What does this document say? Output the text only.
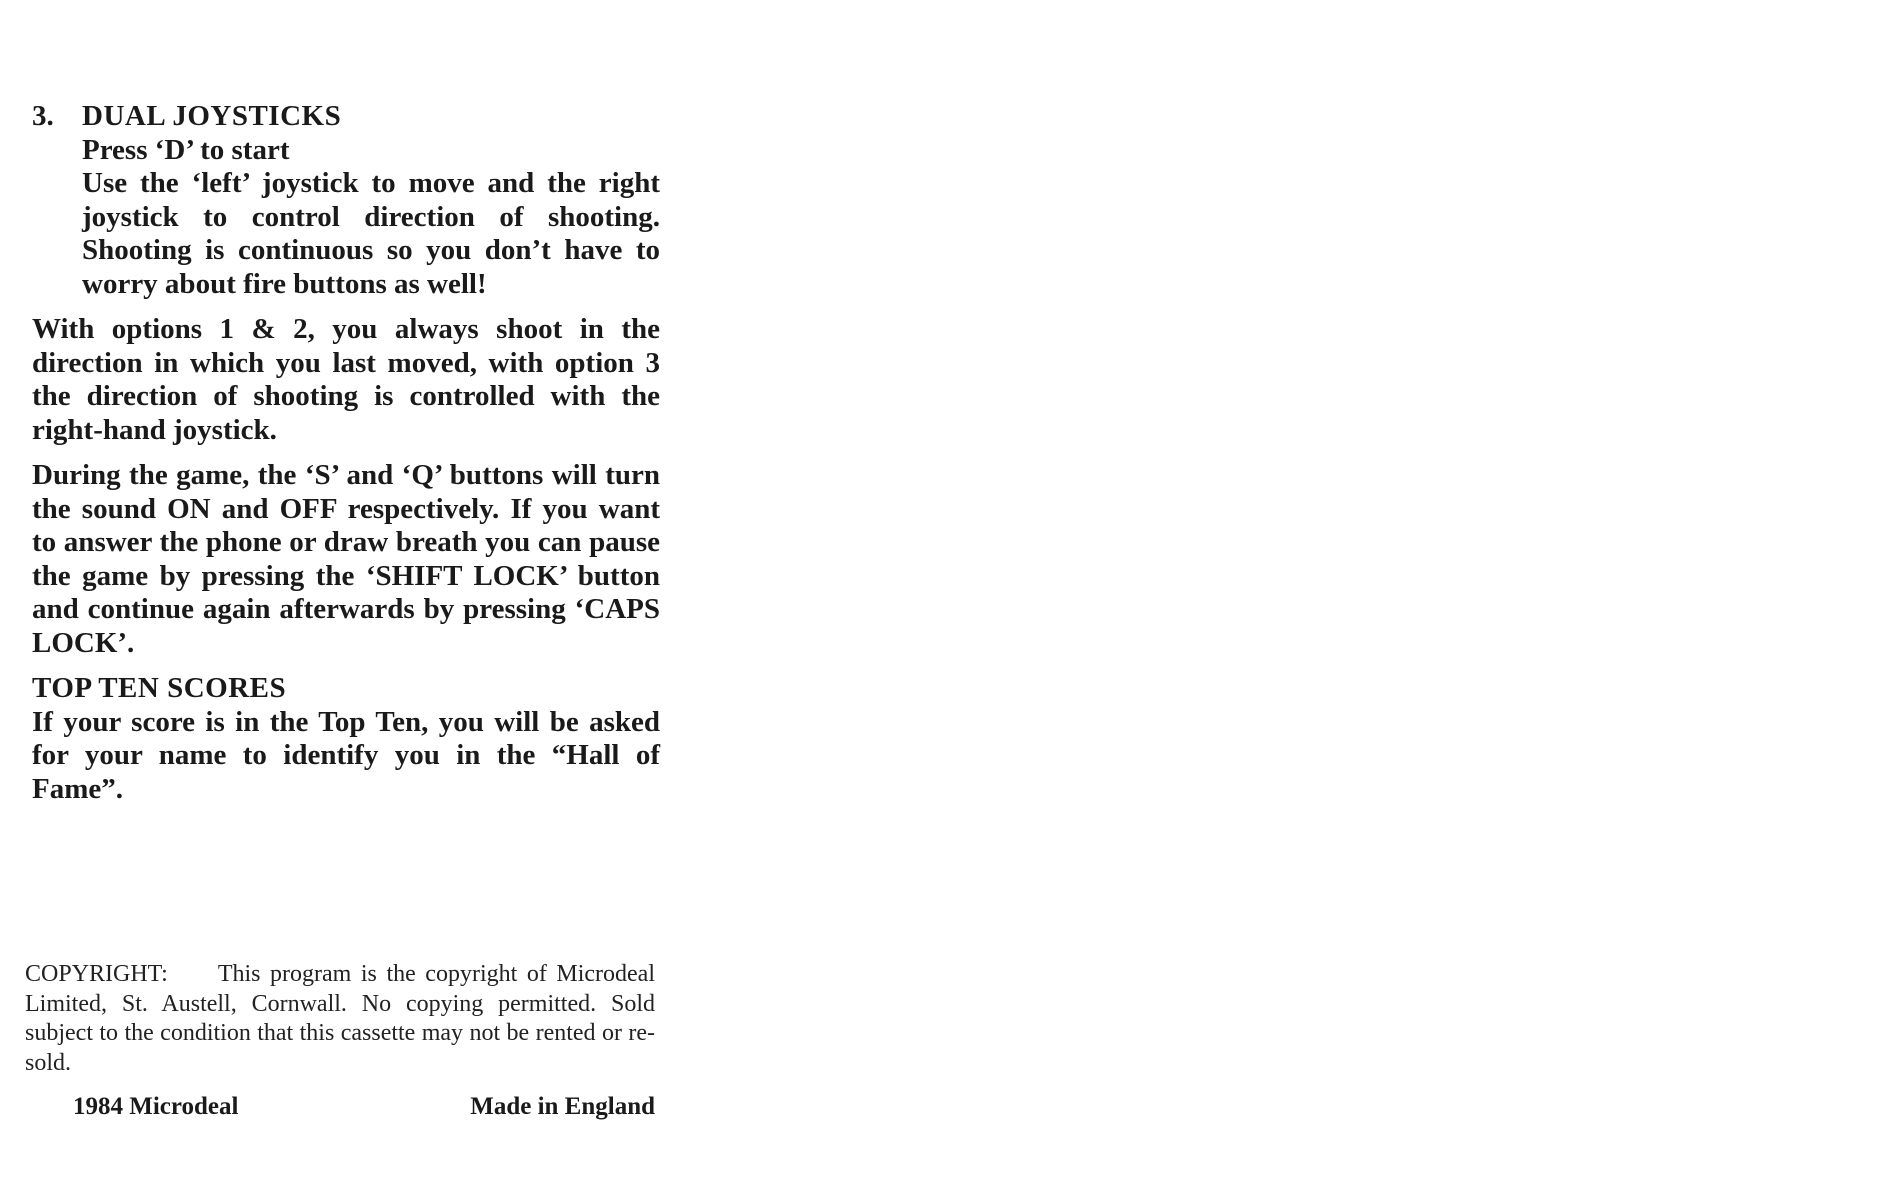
3. DUAL JOYSTICKS
Press ‘D’ to start
Use the ‘left’ joystick to move and the right joystick to control direction of shooting. Shooting is continuous so you don’t have to worry about fire buttons as well!

With options 1 & 2, you always shoot in the direction in which you last moved, with option 3 the direction of shooting is controlled with the right-hand joystick.

During the game, the ‘S’ and ‘Q’ buttons will turn the sound ON and OFF respectively. If you want to answer the phone or draw breath you can pause the game by pressing the ‘SHIFT LOCK’ button and continue again afterwards by pressing ‘CAPS LOCK’.

TOP TEN SCORES
If your score is in the Top Ten, you will be asked for your name to identify you in the “Hall of Fame”.
COPYRIGHT: This program is the copyright of Microdeal Limited, St. Austell, Cornwall. No copying permitted. Sold subject to the condition that this cassette may not be rented or re-sold.
1984 Microdeal	Made in England
